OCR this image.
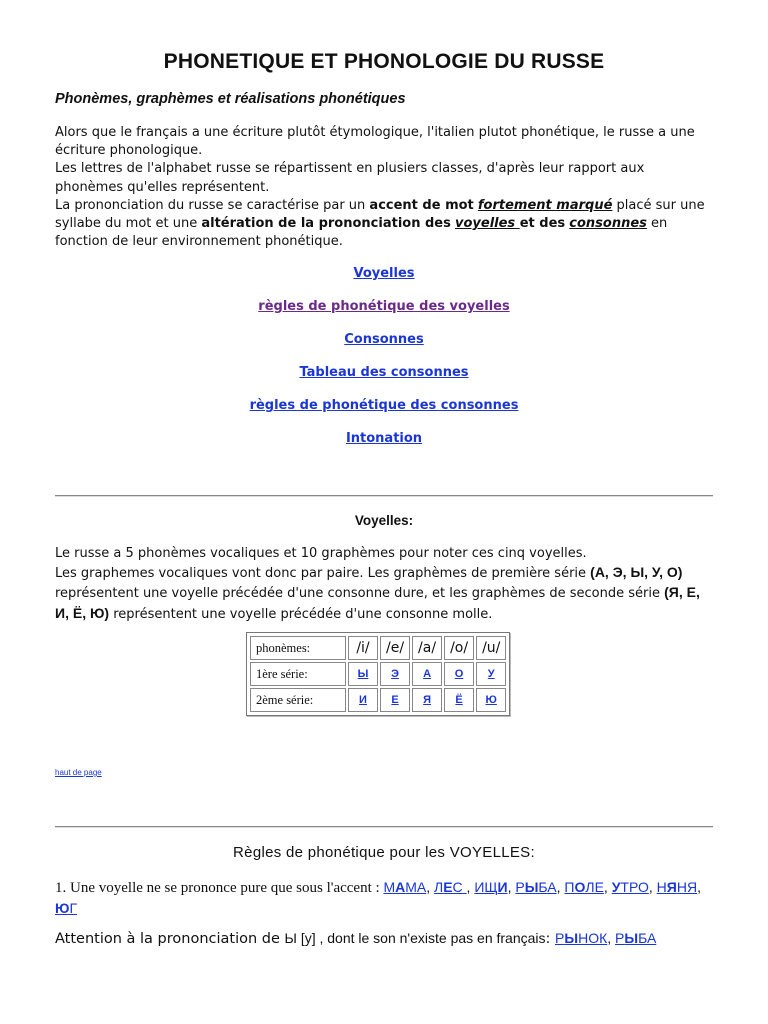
PHONETIQUE ET PHONOLOGIE DU RUSSE
Phonèmes, graphèmes et réalisations phonétiques
Alors que le français a une écriture plutôt étymologique, l'italien plutot phonétique, le russe a une écriture phonologique.
Les lettres de l'alphabet russe se répartissent en plusiers classes, d'après leur rapport aux phonèmes qu'elles représentent.
La prononciation du russe se caractérise par un accent de mot fortement marqué placé sur une syllabe du mot et une altération de la prononciation des voyelles et des consonnes en fonction de leur environnement phonétique.
Voyelles
règles de phonétique des voyelles
Consonnes
Tableau des consonnes
règles de phonétique des consonnes
Intonation
Voyelles:
Le russe a 5 phonèmes vocaliques et 10 graphèmes pour noter ces cinq voyelles.
Les graphemes vocaliques vont donc par paire. Les graphèmes de première série (А, Э, Ы, У, О) représentent une voyelle précédée d'une consonne dure, et les graphèmes de seconde série (Я, Е, И, Ё, Ю) représentent une voyelle précédée d'une consonne molle.
phonèmes:	/i/	/e/	/a/	/o/	/u/
1ère série:	Ы	Э	А	О	У
2ème série:	И	Е	Я	Ё	Ю
haut de page
Règles de phonétique pour les VOYELLES:
1. Une voyelle ne se prononce pure que sous l'accent : МАМА, ЛЕС , ИЩИ, РЫБА, ПОЛЕ, УТРО, НЯНЯ, ЮГ
Attention à la prononciation de Ы [y] , dont le son n'existe pas en français: РЫНОК, РЫБА
